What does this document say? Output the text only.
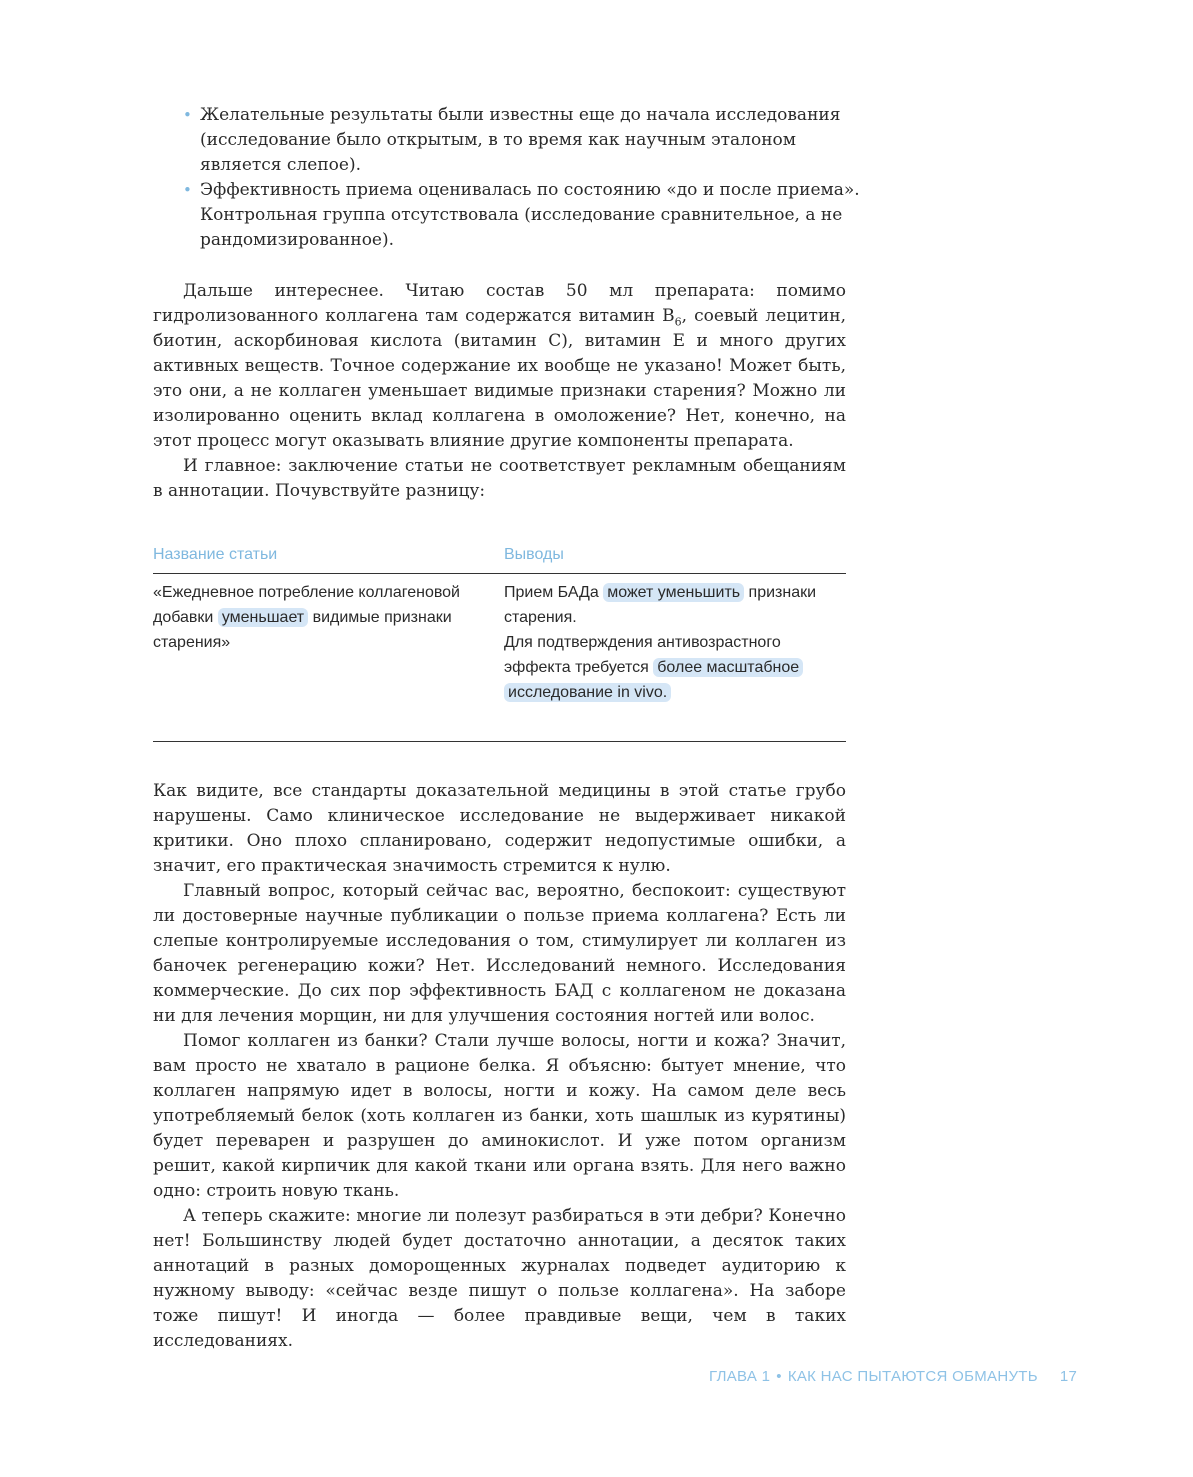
• Желательные результаты были известны еще до начала исследования (исследование было открытым, в то время как научным эталоном является слепое).
• Эффективность приема оценивалась по состоянию «до и после приема». Контрольная группа отсутствовала (исследование сравнительное, а не рандомизированное).

Дальше интереснее. Читаю состав 50 мл препарата: помимо гидролизованного коллагена там содержатся витамин $B_6$, соевый лецитин, биотин, аскорбиновая кислота (витамин C), витамин E и много других активных веществ. Точное содержание их вообще не указано! Может быть, это они, а не коллаген уменьшает видимые признаки старения? Можно ли изолированно оценить вклад коллагена в омоложение? Нет, конечно, на этот процесс могут оказывать влияние другие компоненты препарата.

И главное: заключение статьи не соответствует рекламным обещаниям в аннотации. Почувствуйте разницу:

Название статьи	Выводы
«Ежедневное потребление коллагеновой добавки уменьшает видимые признаки старения»
Прием БАДа может уменьшить признаки старения.
Для подтверждения антивозрастного эффекта требуется более масштабное исследование in vivo.

Как видите, все стандарты доказательной медицины в этой статье грубо нарушены. Само клиническое исследование не выдерживает никакой критики. Оно плохо спланировано, содержит недопустимые ошибки, а значит, его практическая значимость стремится к нулю.

Главный вопрос, который сейчас вас, вероятно, беспокоит: существуют ли достоверные научные публикации о пользе приема коллагена? Есть ли слепые контролируемые исследования о том, стимулирует ли коллаген из баночек регенерацию кожи? Нет. Исследований немного. Исследования коммерческие. До сих пор эффективность БАД с коллагеном не доказана ни для лечения морщин, ни для улучшения состояния ногтей или волос.

Помог коллаген из банки? Стали лучше волосы, ногти и кожа? Значит, вам просто не хватало в рационе белка. Я объясню: бытует мнение, что коллаген напрямую идет в волосы, ногти и кожу. На самом деле весь употребляемый белок (хоть коллаген из банки, хоть шашлык из курятины) будет переварен и разрушен до аминокислот. И уже потом организм решит, какой кирпичик для какой ткани или органа взять. Для него важно одно: строить новую ткань.

А теперь скажите: многие ли полезут разбираться в эти дебри? Конечно нет! Большинству людей будет достаточно аннотации, а десяток таких аннотаций в разных доморощенных журналах подведет аудиторию к нужному выводу: «сейчас везде пишут о пользе коллагена». На заборе тоже пишут! И иногда — более правдивые вещи, чем в таких исследованиях.

ГЛАВА 1 • КАК НАС ПЫТАЮТСЯ ОБМАНУТЬ 17
